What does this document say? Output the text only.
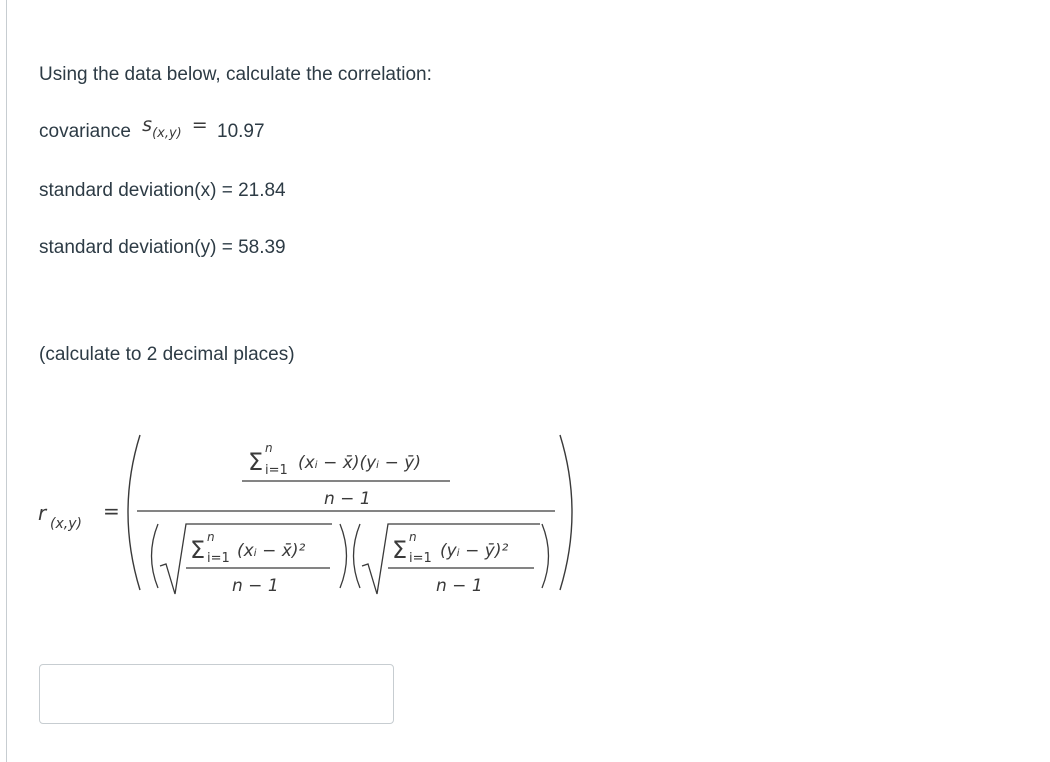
Using the data below, calculate the correlation:
covariance s(x,y) = 10.97
standard deviation(x) = 21.84
standard deviation(y) = 58.39
(calculate to 2 decimal places)
r (x,y)
=
Σ n
i=1 (xᵢ − x̄)(yᵢ − ȳ)
n − 1
Σ n
i=1 (xᵢ − x̄)²
n − 1
Σ n
i=1 (yᵢ − ȳ)²
n − 1
